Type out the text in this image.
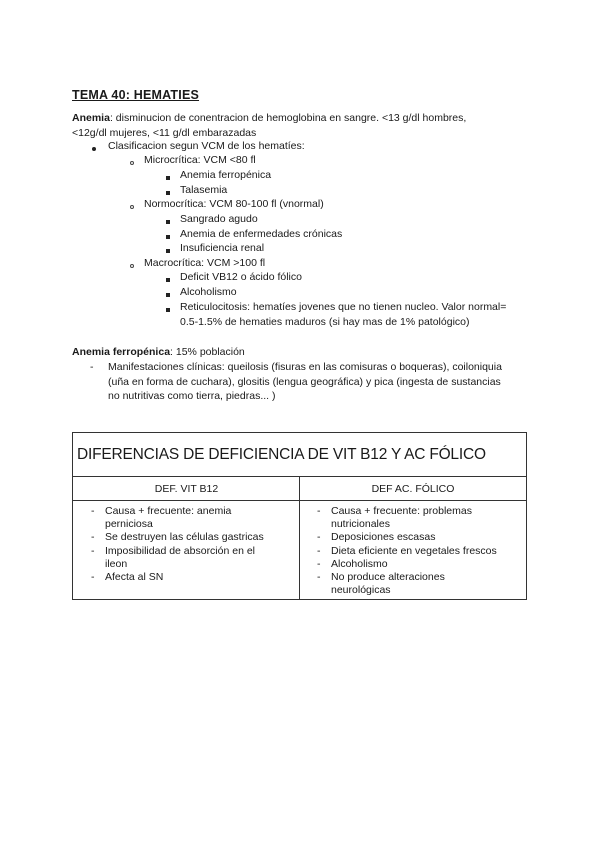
TEMA 40: HEMATIES
Anemia: disminucion de conentracion de hemoglobina en sangre. <13 g/dl hombres,
<12g/dl mujeres, <11 g/dl embarazadas
Clasificacion segun VCM de los hematíes:
Microcrítica: VCM <80 fl
Anemia ferropénica
Talasemia
Normocrítica: VCM 80-100 fl (vnormal)
Sangrado agudo
Anemia de enfermedades crónicas
Insuficiencia renal
Macrocrítica: VCM >100 fl
Deficit VB12 o ácido fólico
Alcoholismo
Reticulocitosis: hematíes jovenes que no tienen nucleo. Valor normal=
0.5-1.5% de hematies maduros (si hay mas de 1% patológico)
Anemia ferropénica: 15% población
- Manifestaciones clínicas: queilosis (fisuras en las comisuras o boqueras), coiloniquia
(uña en forma de cuchara), glositis (lengua geográfica) y pica (ingesta de sustancias
no nutritivas como tierra, piedras... )
DIFERENCIAS DE DEFICIENCIA DE VIT B12 Y AC FÓLICO
DEF. VIT B12	DEF AC. FÓLICO
- Causa + frecuente: anemia
perniciosa
- Se destruyen las células gastricas
- Imposibilidad de absorción en el
ileon
- Afecta al SN
- Causa + frecuente: problemas
nutricionales
- Deposiciones escasas
- Dieta eficiente en vegetales frescos
- Alcoholismo
- No produce alteraciones
neurológicas
